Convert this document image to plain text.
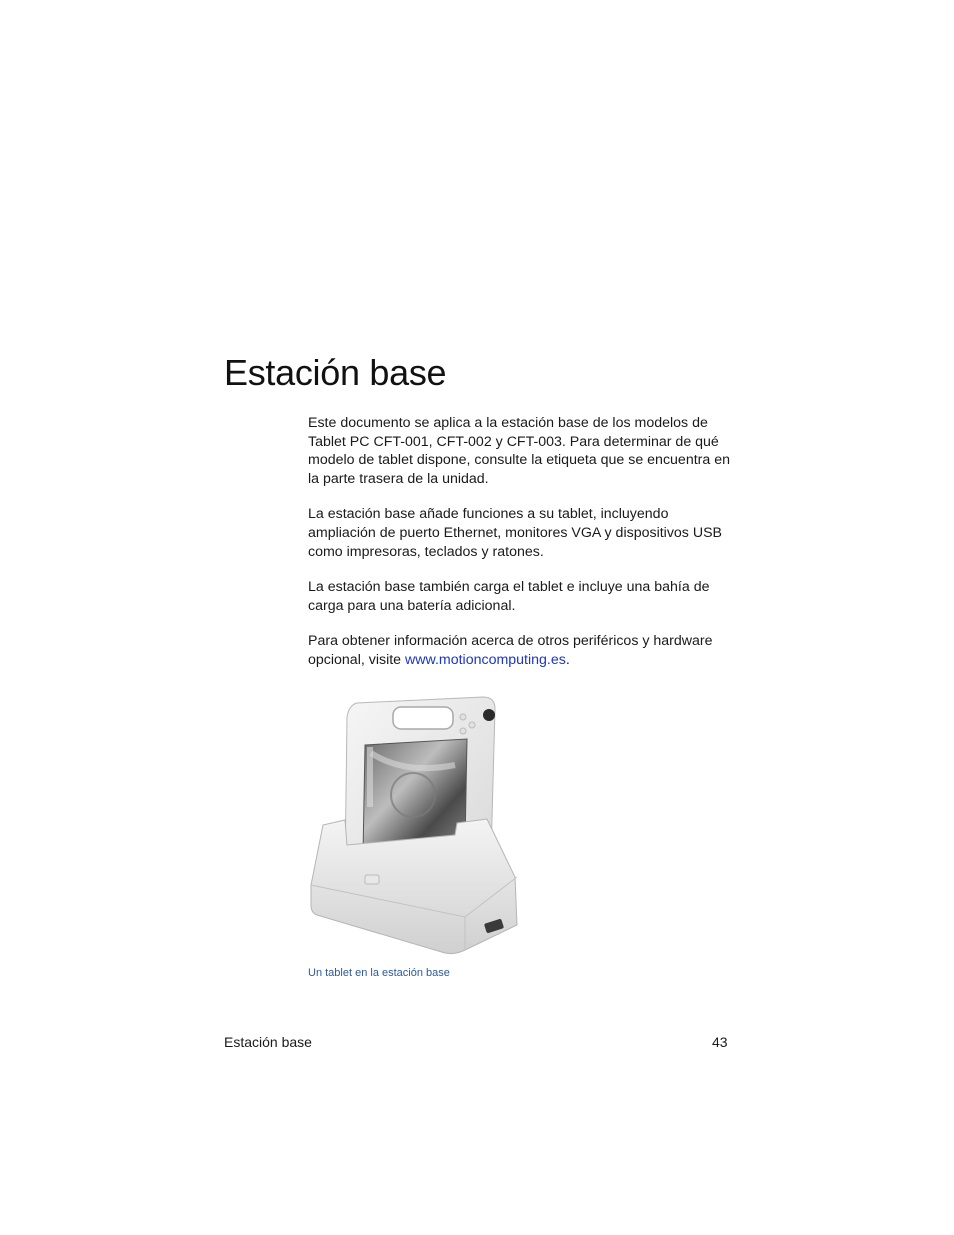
Estación base

Este documento se aplica a la estación base de los modelos de Tablet PC CFT-001, CFT-002 y CFT-003. Para determinar de qué modelo de tablet dispone, consulte la etiqueta que se encuentra en la parte trasera de la unidad.

La estación base añade funciones a su tablet, incluyendo ampliación de puerto Ethernet, monitores VGA y dispositivos USB como impresoras, teclados y ratones.

La estación base también carga el tablet e incluye una bahía de carga para una batería adicional.

Para obtener información acerca de otros periféricos y hardware opcional, visite www.motioncomputing.es.

Un tablet en la estación base
Estación base	43
